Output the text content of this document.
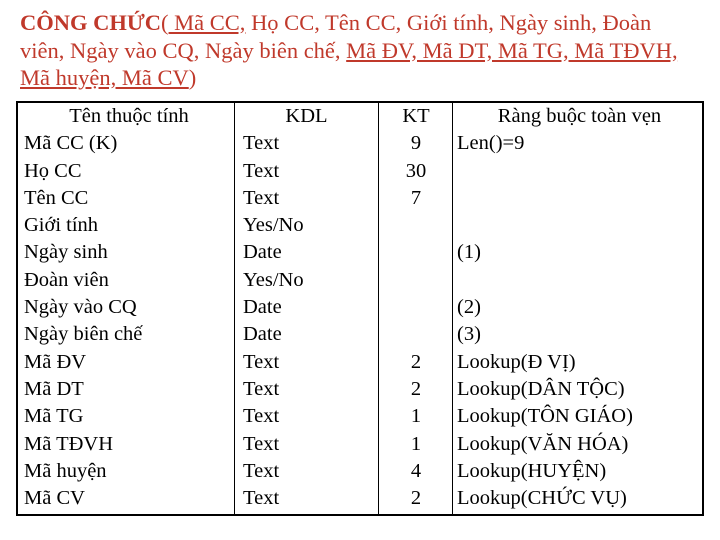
CÔNG CHỨC( Mã CC, Họ CC, Tên CC, Giới tính, Ngày sinh, Đoàn viên, Ngày vào CQ, Ngày biên chế, Mã ĐV, Mã DT, Mã TG, Mã TĐVH, Mã huyện, Mã CV)
Tên thuộc tính
Mã CC (K)
Họ CC
Tên CC
Giới tính
Ngày sinh
Đoàn viên
Ngày vào CQ
Ngày biên chế
Mã ĐV
Mã DT
Mã TG
Mã TĐVH
Mã huyện
Mã CV
KDL
Text
Text
Text
Yes/No
Date
Yes/No
Date
Date
Text
Text
Text
Text
Text
Text
KT
9
30
7
2
2
1
1
4
2
Ràng buộc toàn vẹn
Len()=9
(1)
(2)
(3)
Lookup(Đ VỊ)
Lookup(DÂN TỘC)
Lookup(TÔN GIÁO)
Lookup(VĂN HÓA)
Lookup(HUYỆN)
Lookup(CHỨC VỤ)
